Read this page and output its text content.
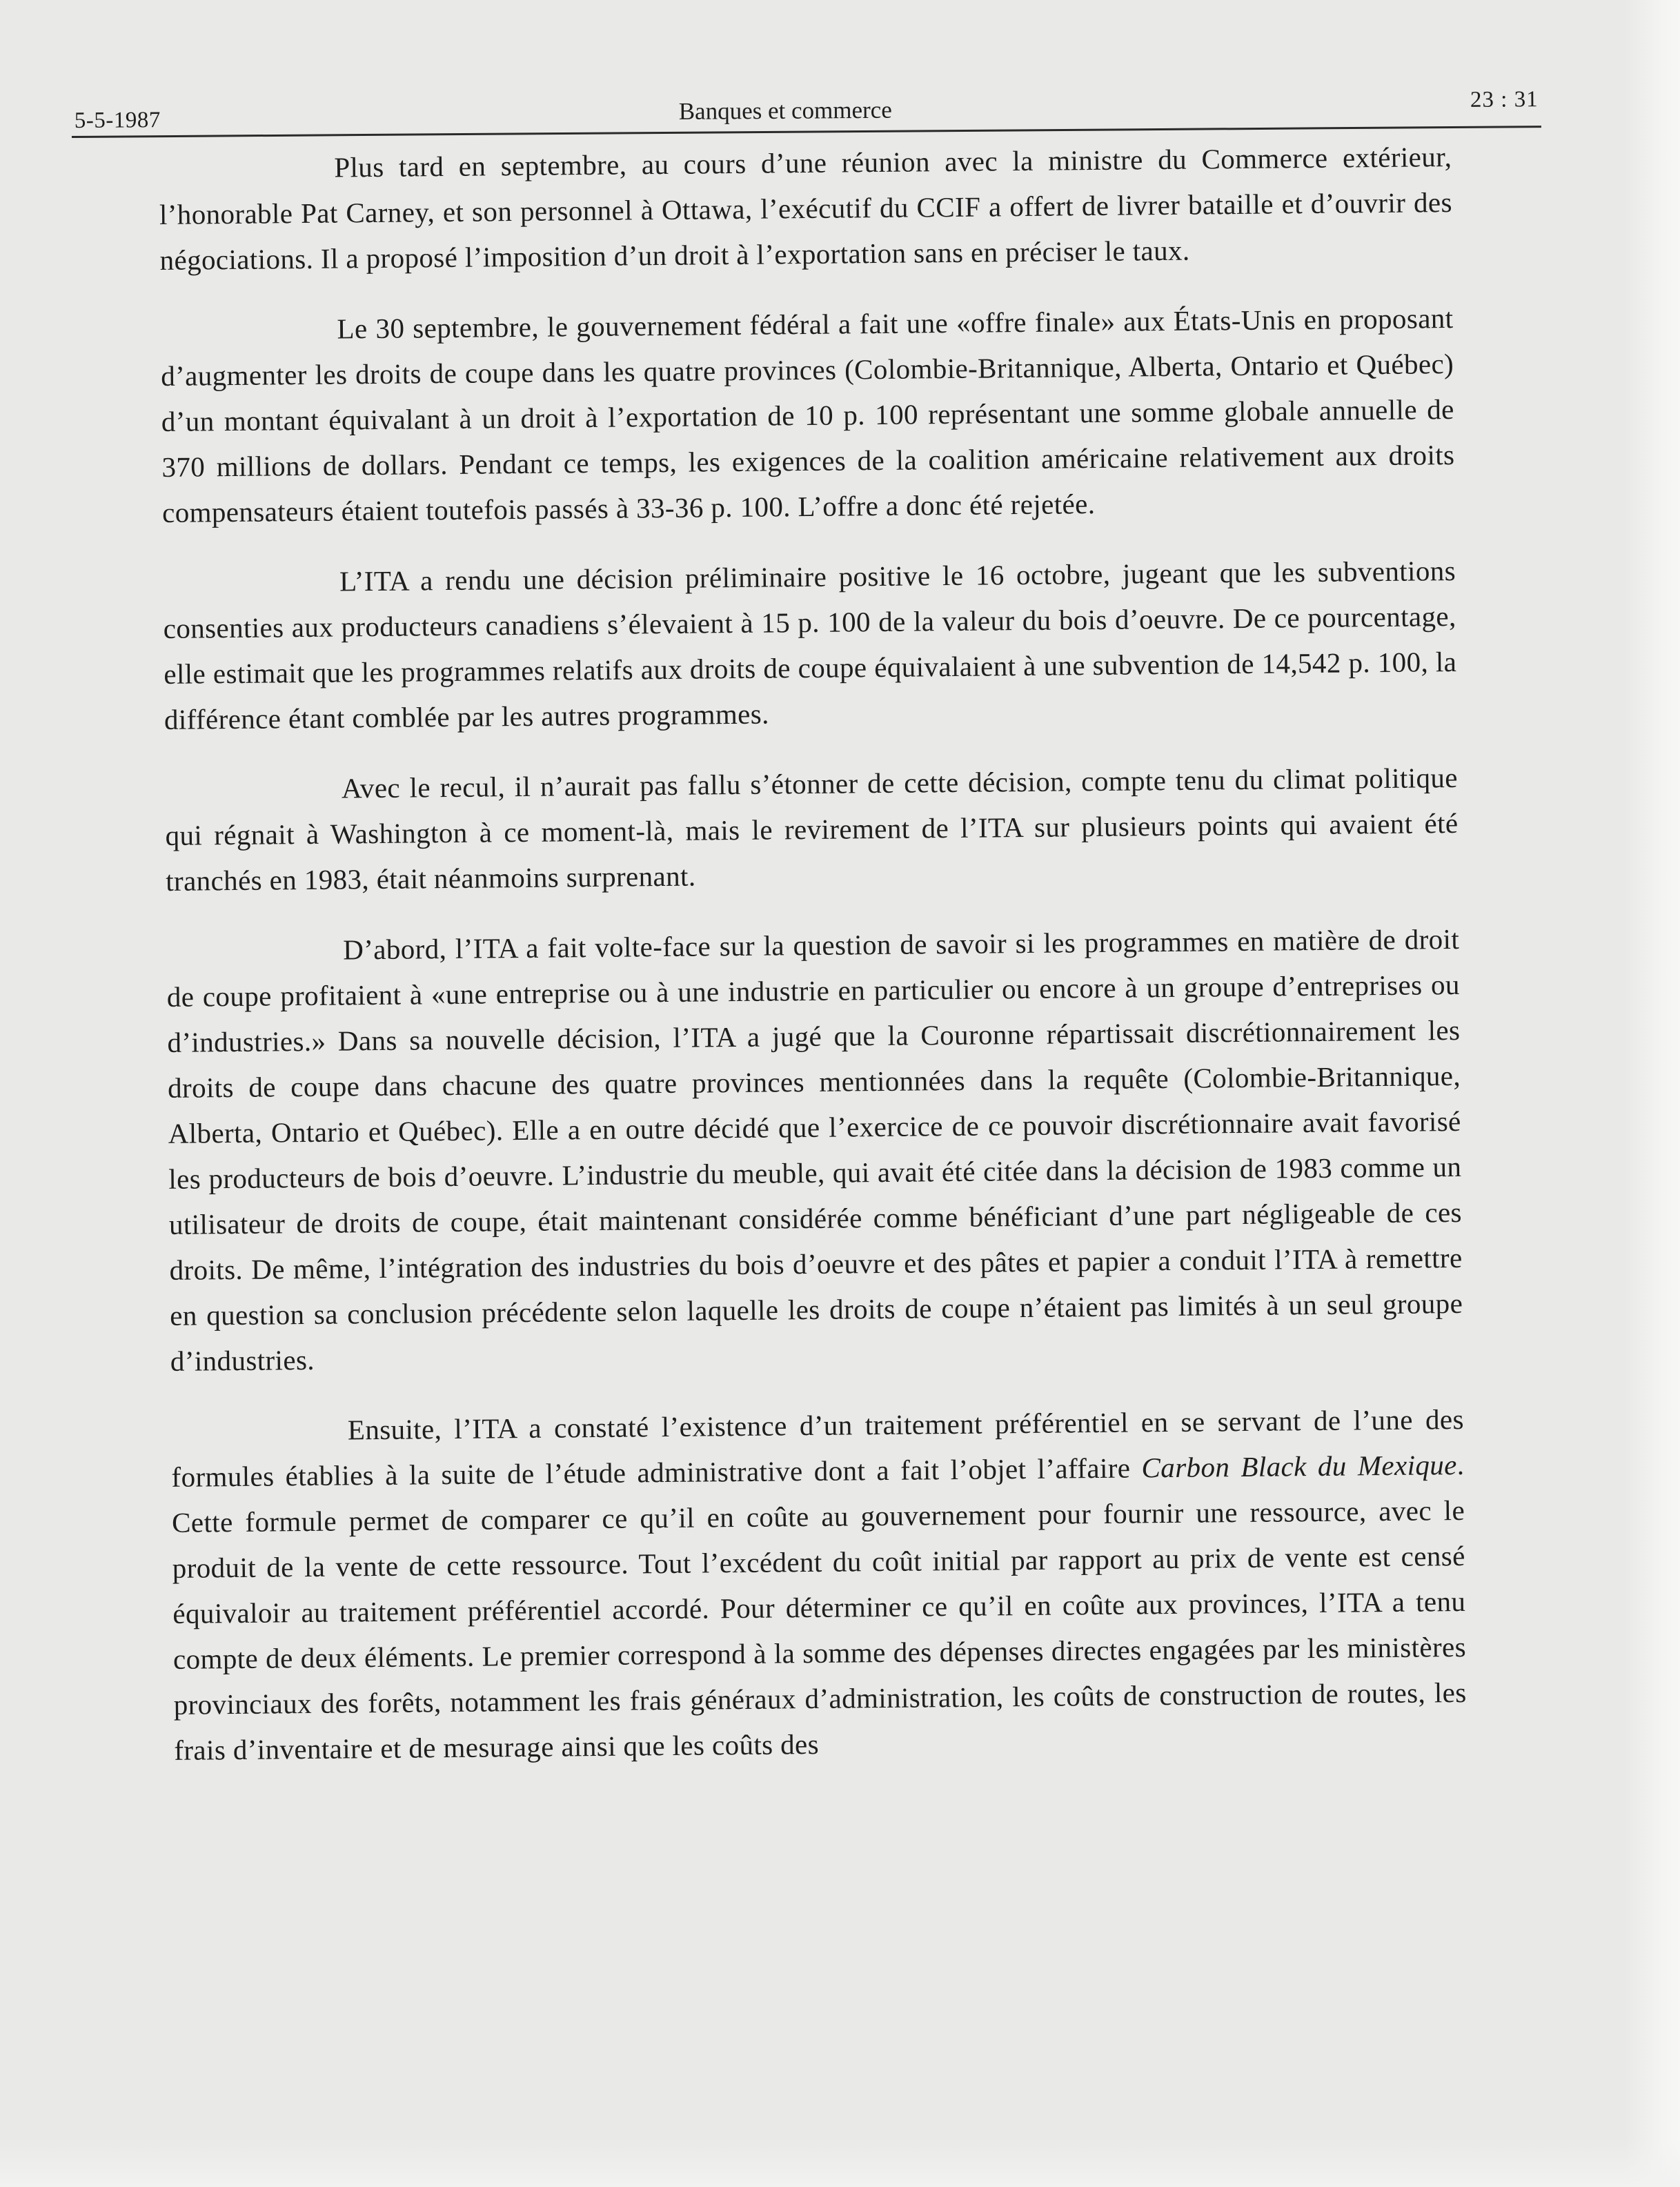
5-5-1987	Banques et commerce	23 : 31

Plus tard en septembre, au cours d’une réunion avec la ministre du Commerce extérieur, l’honorable Pat Carney, et son personnel à Ottawa, l’exécutif du CCIF a offert de livrer bataille et d’ouvrir des négociations. Il a proposé l’imposition d’un droit à l’exportation sans en préciser le taux.

Le 30 septembre, le gouvernement fédéral a fait une «offre finale» aux États-Unis en proposant d’augmenter les droits de coupe dans les quatre provinces (Colombie-Britannique, Alberta, Ontario et Québec) d’un montant équivalant à un droit à l’exportation de 10 p. 100 représentant une somme globale annuelle de 370 millions de dollars. Pendant ce temps, les exigences de la coalition américaine relativement aux droits compensateurs étaient toutefois passés à 33-36 p. 100. L’offre a donc été rejetée.

L’ITA a rendu une décision préliminaire positive le 16 octobre, jugeant que les subventions consenties aux producteurs canadiens s’élevaient à 15 p. 100 de la valeur du bois d’oeuvre. De ce pourcentage, elle estimait que les programmes relatifs aux droits de coupe équivalaient à une subvention de 14,542 p. 100, la différence étant comblée par les autres programmes.

Avec le recul, il n’aurait pas fallu s’étonner de cette décision, compte tenu du climat politique qui régnait à Washington à ce moment-là, mais le revirement de l’ITA sur plusieurs points qui avaient été tranchés en 1983, était néanmoins surprenant.

D’abord, l’ITA a fait volte-face sur la question de savoir si les programmes en matière de droit de coupe profitaient à «une entreprise ou à une industrie en particulier ou encore à un groupe d’entreprises ou d’industries.» Dans sa nouvelle décision, l’ITA a jugé que la Couronne répartissait discrétionnairement les droits de coupe dans chacune des quatre provinces mentionnées dans la requête (Colombie-Britannique, Alberta, Ontario et Québec). Elle a en outre décidé que l’exercice de ce pouvoir discrétionnaire avait favorisé les producteurs de bois d’oeuvre. L’industrie du meuble, qui avait été citée dans la décision de 1983 comme un utilisateur de droits de coupe, était maintenant considérée comme bénéficiant d’une part négligeable de ces droits. De même, l’intégration des industries du bois d’oeuvre et des pâtes et papier a conduit l’ITA à remettre en question sa conclusion précédente selon laquelle les droits de coupe n’étaient pas limités à un seul groupe d’industries.

Ensuite, l’ITA a constaté l’existence d’un traitement préférentiel en se servant de l’une des formules établies à la suite de l’étude administrative dont a fait l’objet l’affaire Carbon Black du Mexique. Cette formule permet de comparer ce qu’il en coûte au gouvernement pour fournir une ressource, avec le produit de la vente de cette ressource. Tout l’excédent du coût initial par rapport au prix de vente est censé équivaloir au traitement préférentiel accordé. Pour déterminer ce qu’il en coûte aux provinces, l’ITA a tenu compte de deux éléments. Le premier correspond à la somme des dépenses directes engagées par les ministères provinciaux des forêts, notamment les frais généraux d’administration, les coûts de construction de routes, les frais d’inventaire et de mesurage ainsi que les coûts des
